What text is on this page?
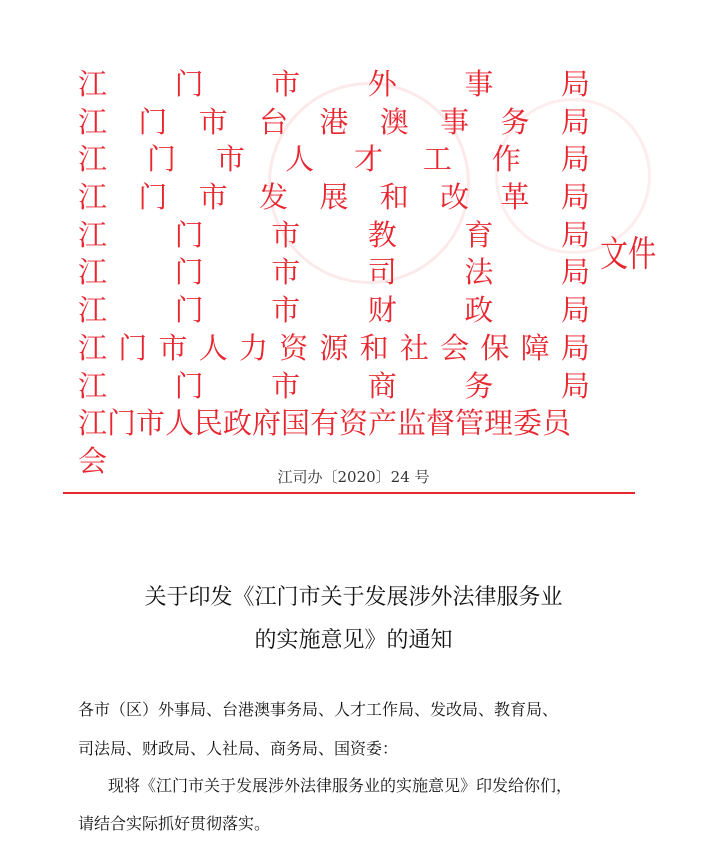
江 门 市 外 事 局
江 门 市 台 港 澳 事 务 局
江 门 市 人 才 工 作 局
江 门 市 发 展 和 改 革 局
江 门 市 教 育 局
江 门 市 司 法 局
江 门 市 财 政 局
江 门 市 人 力 资 源 和 社 会 保 障 局
江 门 市 商 务 局
江门市人民政府国有资产监督管理委员会
文件
江司办〔2020〕24 号
关于印发《江门市关于发展涉外法律服务业
的实施意见》的通知
各市（区）外事局、台港澳事务局、人才工作局、发改局、教育局、
司法局、财政局、人社局、商务局、国资委：
现将《江门市关于发展涉外法律服务业的实施意见》印发给你们，
请结合实际抓好贯彻落实。
